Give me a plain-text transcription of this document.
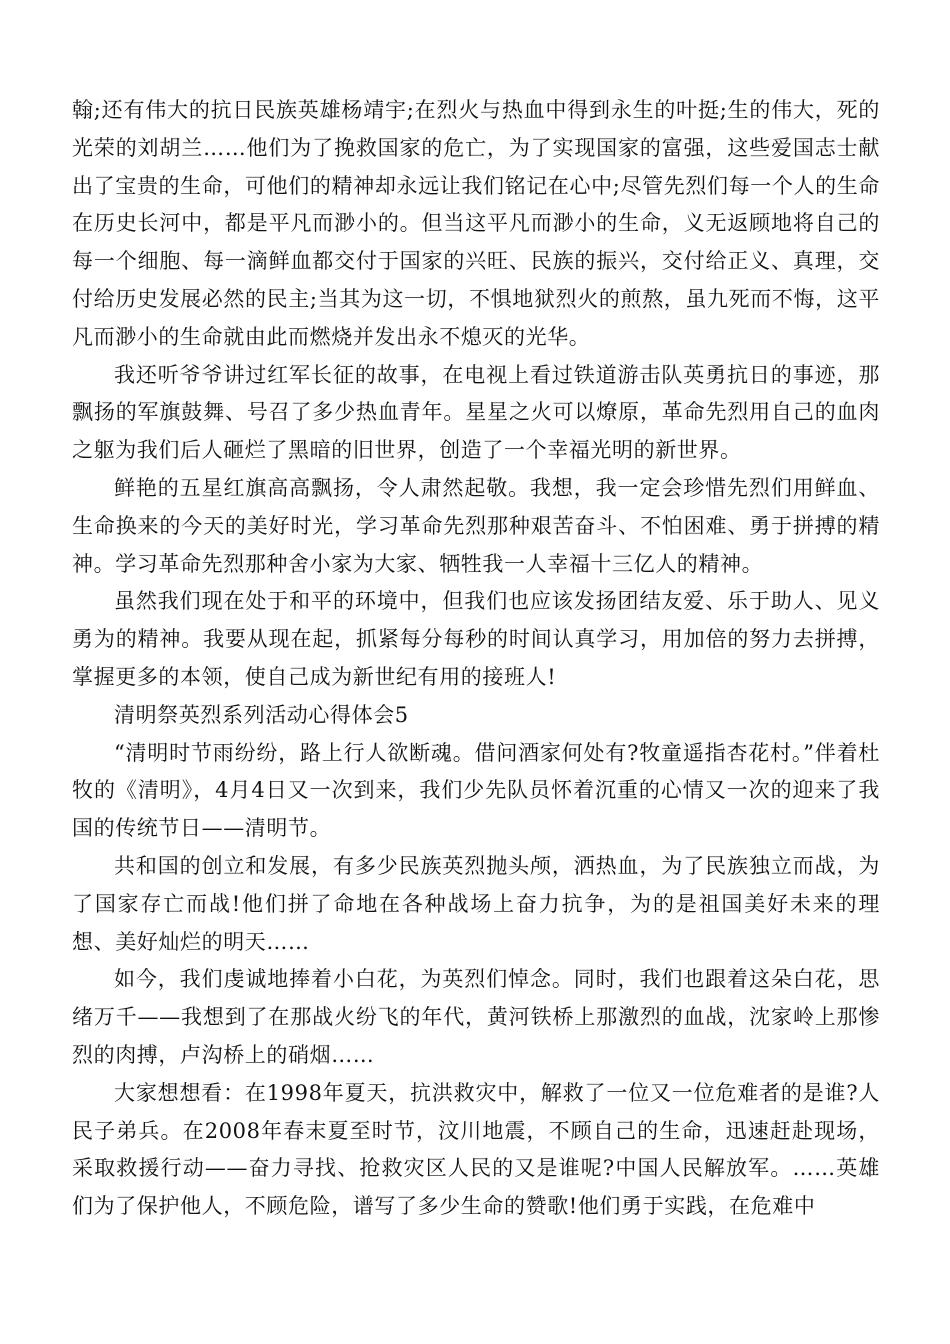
翰;还有伟大的抗日民族英雄杨靖宇;在烈火与热血中得到永生的叶挺;生的伟大，死的光荣的刘胡兰……他们为了挽救国家的危亡，为了实现国家的富强，这些爱国志士献出了宝贵的生命，可他们的精神却永远让我们铭记在心中;尽管先烈们每一个人的生命在历史长河中，都是平凡而渺小的。但当这平凡而渺小的生命，义无返顾地将自己的每一个细胞、每一滴鲜血都交付于国家的兴旺、民族的振兴，交付给正义、真理，交付给历史发展必然的民主;当其为这一切，不惧地狱烈火的煎熬，虽九死而不悔，这平凡而渺小的生命就由此而燃烧并发出永不熄灭的光华。

我还听爷爷讲过红军长征的故事，在电视上看过铁道游击队英勇抗日的事迹，那飘扬的军旗鼓舞、号召了多少热血青年。星星之火可以燎原，革命先烈用自己的血肉之躯为我们后人砸烂了黑暗的旧世界，创造了一个幸福光明的新世界。

鲜艳的五星红旗高高飘扬，令人肃然起敬。我想，我一定会珍惜先烈们用鲜血、生命换来的今天的美好时光，学习革命先烈那种艰苦奋斗、不怕困难、勇于拼搏的精神。学习革命先烈那种舍小家为大家、牺牲我一人幸福十三亿人的精神。

虽然我们现在处于和平的环境中，但我们也应该发扬团结友爱、乐于助人、见义勇为的精神。我要从现在起，抓紧每分每秒的时间认真学习，用加倍的努力去拼搏，掌握更多的本领，使自己成为新世纪有用的接班人!

清明祭英烈系列活动心得体会5

“清明时节雨纷纷，路上行人欲断魂。借问酒家何处有?牧童遥指杏花村。”伴着杜牧的《清明》，4月4日又一次到来，我们少先队员怀着沉重的心情又一次的迎来了我国的传统节日——清明节。

共和国的创立和发展，有多少民族英烈抛头颅，洒热血，为了民族独立而战，为了国家存亡而战!他们拼了命地在各种战场上奋力抗争，为的是祖国美好未来的理想、美好灿烂的明天……

如今，我们虔诚地捧着小白花，为英烈们悼念。同时，我们也跟着这朵白花，思绪万千——我想到了在那战火纷飞的年代，黄河铁桥上那激烈的血战，沈家岭上那惨烈的肉搏，卢沟桥上的硝烟……

大家想想看：在1998年夏天，抗洪救灾中，解救了一位又一位危难者的是谁?人民子弟兵。在2008年春末夏至时节，汶川地震，不顾自己的生命，迅速赶赴现场，采取救援行动——奋力寻找、抢救灾区人民的又是谁呢?中国人民解放军。……英雄们为了保护他人，不顾危险，谱写了多少生命的赞歌!他们勇于实践，在危难中
